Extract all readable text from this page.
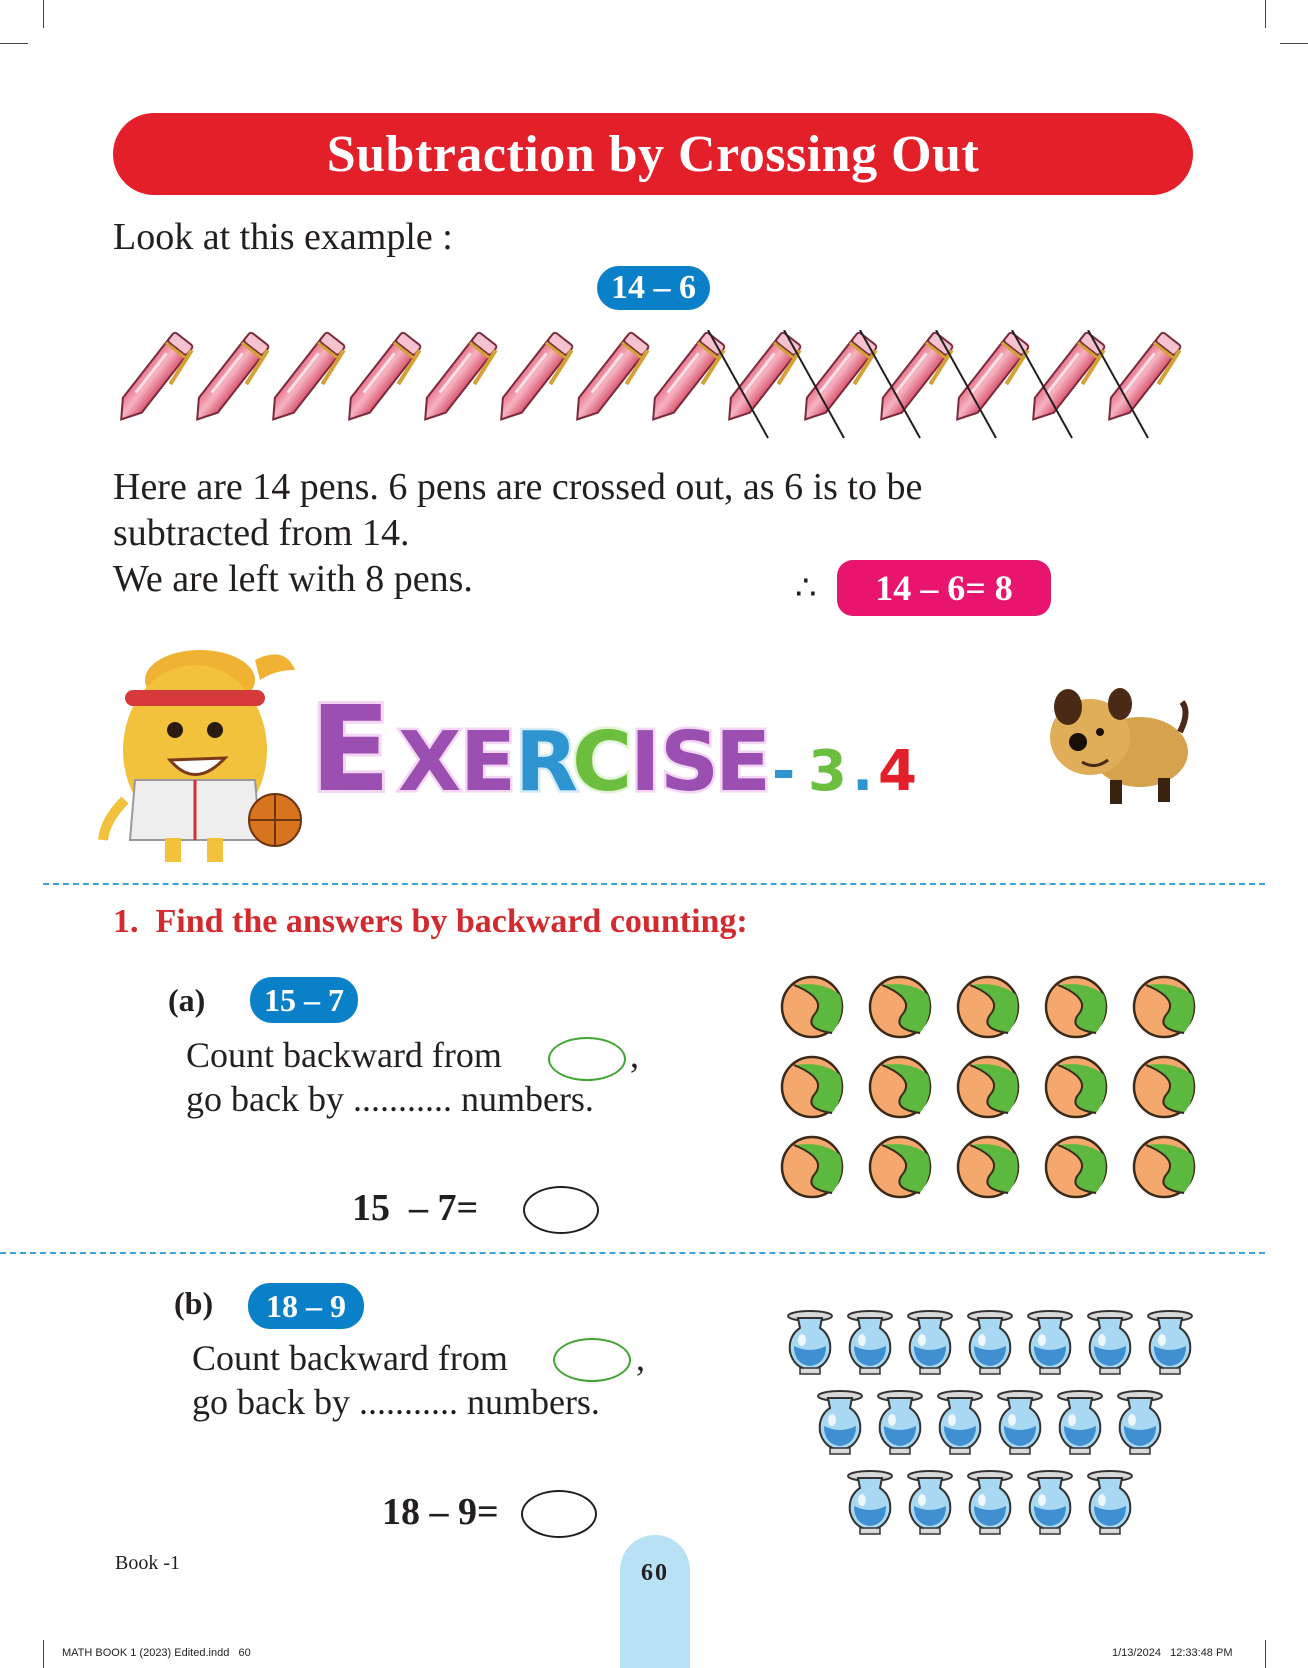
Subtraction by Crossing Out
Look at this example :
14 – 6
Here are 14 pens. 6 pens are crossed out, as 6 is to be
subtracted from 14.
We are left with 8 pens.	∴	14 – 6= 8
E X
E
R
C
I S
E - 3 . 4
1.  Find the answers by backward counting:
(a)	15 – 7
Count backward from	,
go back by ........... numbers.
15  – 7=
(b)	18 – 9
Count backward from	,
go back by ........... numbers.
18 – 9=
Book -1	60
MATH BOOK 1 (2023) Edited.indd   60	1/13/2024   12:33:48 PM
